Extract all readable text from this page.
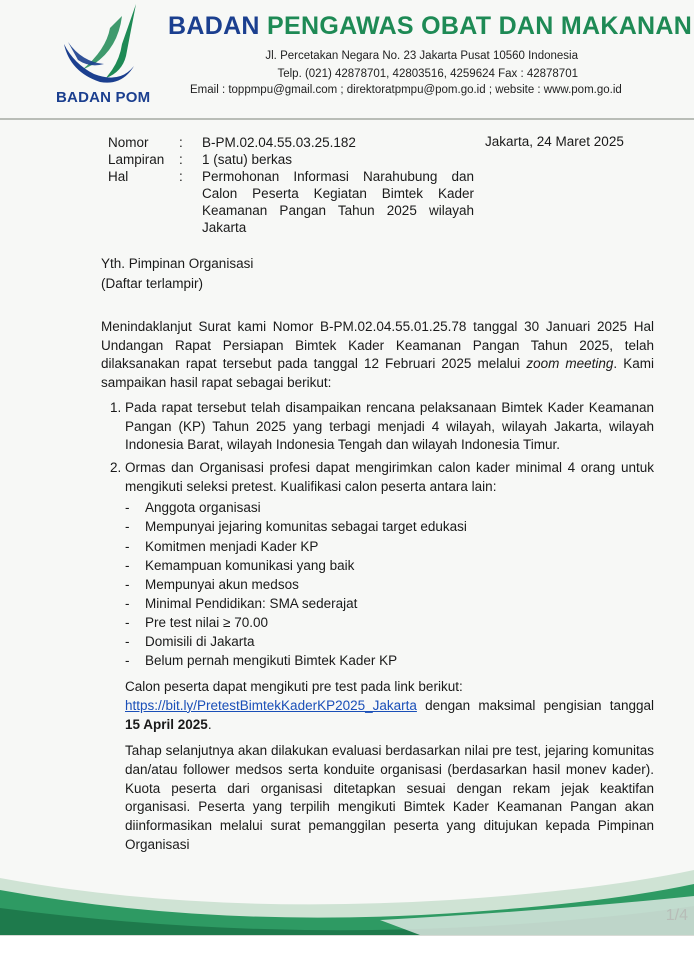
BADAN POM
BADAN PENGAWAS OBAT DAN MAKANAN
Jl. Percetakan Negara No. 23 Jakarta Pusat 10560 Indonesia
Telp. (021) 42878701, 42803516, 4259624 Fax : 42878701
Email : toppmpu@gmail.com ; direktoratpmpu@pom.go.id ; website : www.pom.go.id
Nomor	:	B-PM.02.04.55.03.25.182
Lampiran	:	1 (satu) berkas
Hal	:	Permohonan Informasi Narahubung dan Calon Peserta Kegiatan Bimtek Kader Keamanan Pangan Tahun 2025 wilayah Jakarta
Jakarta, 24 Maret 2025
Yth. Pimpinan Organisasi
(Daftar terlampir)
Menindaklanjut Surat kami Nomor B-PM.02.04.55.01.25.78 tanggal 30 Januari 2025 Hal Undangan Rapat Persiapan Bimtek Kader Keamanan Pangan Tahun 2025, telah dilaksanakan rapat tersebut pada tanggal 12 Februari 2025 melalui zoom meeting. Kami sampaikan hasil rapat sebagai berikut:
1. Pada rapat tersebut telah disampaikan rencana pelaksanaan Bimtek Kader Keamanan Pangan (KP) Tahun 2025 yang terbagi menjadi 4 wilayah, wilayah Jakarta, wilayah Indonesia Barat, wilayah Indonesia Tengah dan wilayah Indonesia Timur.
2. Ormas dan Organisasi profesi dapat mengirimkan calon kader minimal 4 orang untuk mengikuti seleksi pretest. Kualifikasi calon peserta antara lain:
- Anggota organisasi
- Mempunyai jejaring komunitas sebagai target edukasi
- Komitmen menjadi Kader KP
- Kemampuan komunikasi yang baik
- Mempunyai akun medsos
- Minimal Pendidikan: SMA sederajat
- Pre test nilai ≥ 70.00
- Domisili di Jakarta
- Belum pernah mengikuti Bimtek Kader KP
Calon peserta dapat mengikuti pre test pada link berikut:
https://bit.ly/PretestBimtekKaderKP2025_Jakarta dengan maksimal pengisian tanggal 15 April 2025.
Tahap selanjutnya akan dilakukan evaluasi berdasarkan nilai pre test, jejaring komunitas dan/atau follower medsos serta konduite organisasi (berdasarkan hasil monev kader). Kuota peserta dari organisasi ditetapkan sesuai dengan rekam jejak keaktifan organisasi. Peserta yang terpilih mengikuti Bimtek Kader Keamanan Pangan akan diinformasikan melalui surat pemanggilan peserta yang ditujukan kepada Pimpinan Organisasi
1/4
